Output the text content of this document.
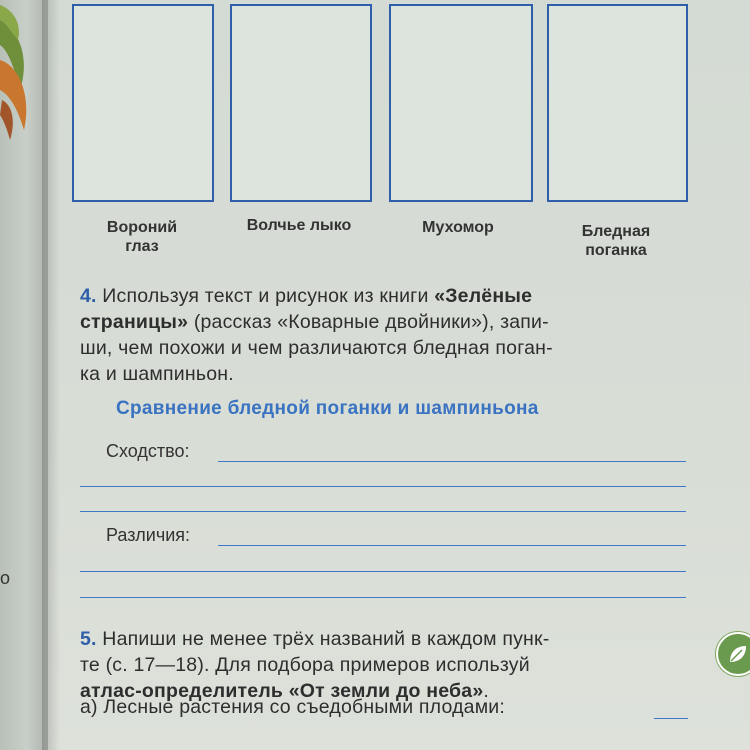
o
Вороний
глаз
Волчье лыко	Мухомор	Бледная
поганка
4. Используя текст и рисунок из книги «Зелёные
страницы» (рассказ «Коварные двойники»), запи-
ши, чем похожи и чем различаются бледная поган-
ка и шампиньон.
Сравнение бледной поганки и шампиньона
Сходство:
Различия:
5. Напиши не менее трёх названий в каждом пунк-
те (с. 17—18). Для подбора примеров используй
атлас-определитель «От земли до неба».
а) Лесные растения со съедобными плодами:
